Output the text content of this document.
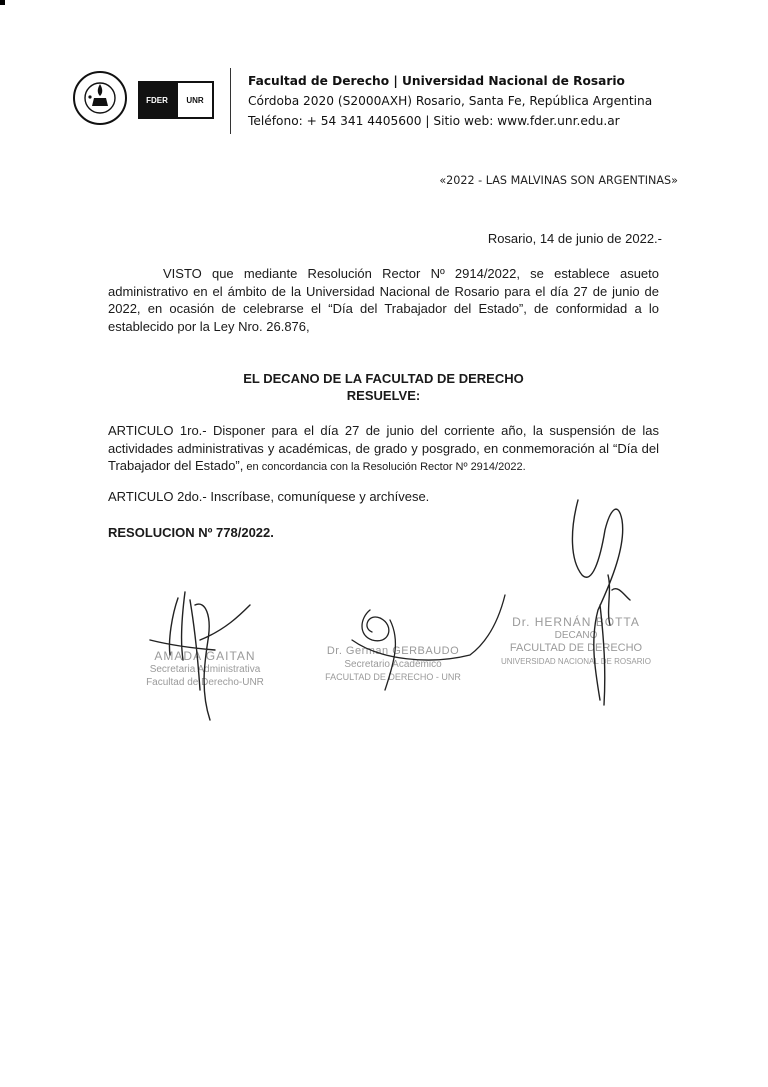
FDER	UNR
Facultad de Derecho | Universidad Nacional de Rosario
Córdoba 2020 (S2000AXH) Rosario, Santa Fe, República Argentina
Teléfono: + 54 341 4405600 | Sitio web: www.fder.unr.edu.ar
«2022 - LAS MALVINAS SON ARGENTINAS»
Rosario, 14 de junio de 2022.-
VISTO que mediante Resolución Rector Nº 2914/2022, se establece asueto administrativo en el ámbito de la Universidad Nacional de Rosario para el día 27 de junio de 2022, en ocasión de celebrarse el “Día del Trabajador del Estado”, de conformidad a lo establecido por la Ley Nro. 26.876,
EL DECANO DE LA FACULTAD DE DERECHO
RESUELVE:
ARTICULO 1ro.- Disponer para el día 27 de junio del corriente año, la suspensión de las actividades administrativas y académicas, de grado y posgrado, en conmemoración al “Día del Trabajador del Estado”, en concordancia con la Resolución Rector Nº 2914/2022.
ARTICULO 2do.- Inscríbase, comuníquese y archívese.
RESOLUCION Nº 778/2022.
AMADA GAITAN
Secretaria Administrativa
Facultad de Derecho-UNR
Dr. German GERBAUDO
Secretario Académico
FACULTAD DE DERECHO - UNR
Dr. HERNÁN BOTTA
DECANO
FACULTAD DE DERECHO
UNIVERSIDAD NACIONAL DE ROSARIO
